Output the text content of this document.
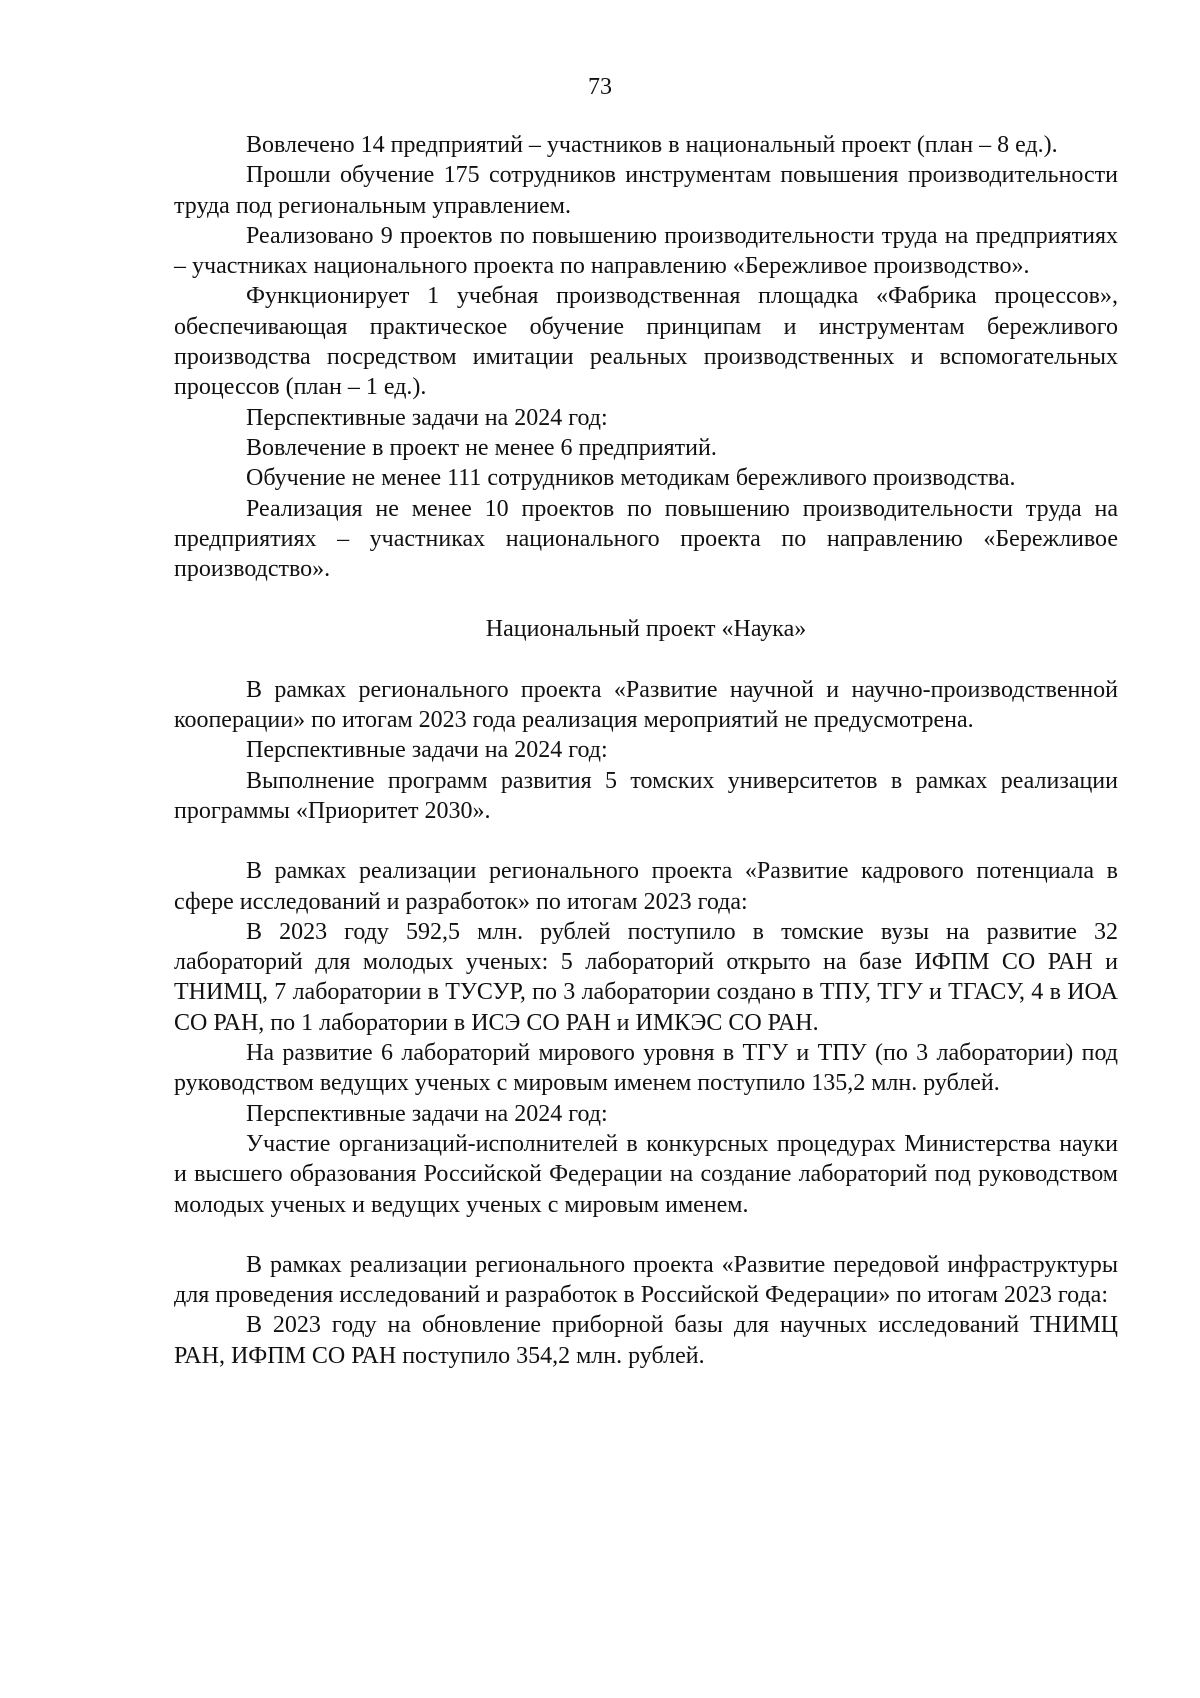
73

Вовлечено 14 предприятий – участников в национальный проект (план – 8 ед.).

Прошли обучение 175 сотрудников инструментам повышения производительности труда под региональным управлением.

Реализовано 9 проектов по повышению производительности труда на предприятиях – участниках национального проекта по направлению «Бережливое производство».

Функционирует 1 учебная производственная площадка «Фабрика процессов», обеспечивающая практическое обучение принципам и инструментам бережливого производства посредством имитации реальных производственных и вспомогательных процессов (план – 1 ед.).

Перспективные задачи на 2024 год:

Вовлечение в проект не менее 6 предприятий.

Обучение не менее 111 сотрудников методикам бережливого производства.

Реализация не менее 10 проектов по повышению производительности труда на предприятиях – участниках национального проекта по направлению «Бережливое производство».

Национальный проект «Наука»

В рамках регионального проекта «Развитие научной и научно-производственной кооперации» по итогам 2023 года реализация мероприятий не предусмотрена.

Перспективные задачи на 2024 год:

Выполнение программ развития 5 томских университетов в рамках реализации программы «Приоритет 2030».

В рамках реализации регионального проекта «Развитие кадрового потенциала в сфере исследований и разработок» по итогам 2023 года:

В 2023 году 592,5 млн. рублей поступило в томские вузы на развитие 32 лабораторий для молодых ученых: 5 лабораторий открыто на базе ИФПМ СО РАН и ТНИМЦ, 7 лаборатории в ТУСУР, по 3 лаборатории создано в ТПУ, ТГУ и ТГАСУ, 4 в ИОА СО РАН, по 1 лаборатории в ИСЭ СО РАН и ИМКЭС СО РАН.

На развитие 6 лабораторий мирового уровня в ТГУ и ТПУ (по 3 лаборатории) под руководством ведущих ученых с мировым именем поступило 135,2 млн. рублей.

Перспективные задачи на 2024 год:

Участие организаций-исполнителей в конкурсных процедурах Министерства науки и высшего образования Российской Федерации на создание лабораторий под руководством молодых ученых и ведущих ученых с мировым именем.

В рамках реализации регионального проекта «Развитие передовой инфраструктуры для проведения исследований и разработок в Российской Федерации» по итогам 2023 года:

В 2023 году на обновление приборной базы для научных исследований ТНИМЦ РАН, ИФПМ СО РАН поступило 354,2 млн. рублей.
